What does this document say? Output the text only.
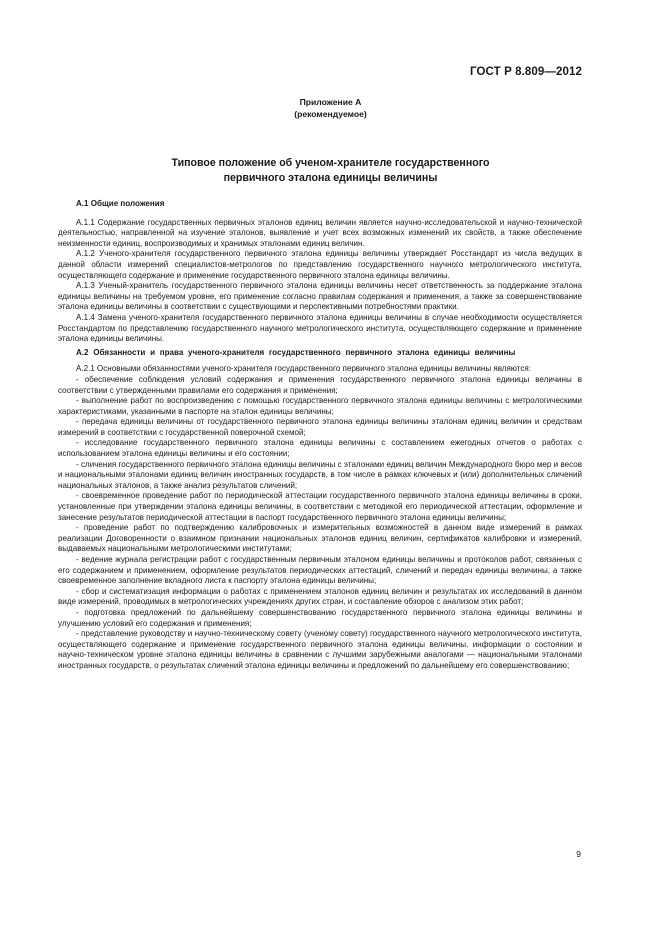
ГОСТ Р 8.809—2012
Приложение А
(рекомендуемое)
Типовое положение об ученом-хранителе государственного
первичного эталона единицы величины

А.1 Общие положения

А.1.1 Содержание государственных первичных эталонов единиц величин является научно-исследовательской и научно-технической деятельностью, направленной на изучение эталонов, выявление и учет всех возможных изменений их свойств, а также обеспечение неизменности единиц, воспроизводимых и хранимых эталонами единиц величин.

А.1.2 Ученого-хранителя государственного первичного эталона единицы величины утверждает Росстандарт из числа ведущих в данной области измерений специалистов-метрологов по представлению государственного научного метрологического института, осуществляющего содержание и применение государственного первичного эталона единицы величины.

А.1.3 Ученый-хранитель государственного первичного эталона единицы величины несет ответственность за поддержание эталона единицы величины на требуемом уровне, его применение согласно правилам содержания и применения, а также за совершенствование эталона единицы величины в соответствии с существующими и перспективными потребностями практики.

А.1.4 Замена ученого-хранителя государственного первичного эталона единицы величины в случае необходимости осуществляется Росстандартом по представлению государственного научного метрологического института, осуществляющего содержание и применение эталона единицы величины.

А.2 Обязанности и права ученого-хранителя государственного первичного эталона единицы величины

А.2.1 Основными обязанностями ученого-хранителя государственного первичного эталона единицы величины являются:

- обеспечение соблюдения условий содержания и применения государственного первичного эталона единицы величины в соответствии с утвержденными правилами его содержания и применения;

- выполнение работ по воспроизведению с помощью государственного первичного эталона единицы величины с метрологическими характеристиками, указанными в паспорте на эталон единицы величины;

- передача единицы величины от государственного первичного эталона единицы величины эталонам единиц величин и средствам измерений в соответствии с государственной поверочной схемой;

- исследование государственного первичного эталона единицы величины с составлением ежегодных отчетов о работах с использованием эталона единицы величины и его состоянии;

- сличения государственного первичного эталона единицы величины с эталонами единиц величин Международного бюро мер и весов и национальными эталонами единиц величин иностранных государств, в том числе в рамках ключевых и (или) дополнительных сличений национальных эталонов, а также анализ результатов сличений;

- своевременное проведение работ по периодической аттестации государственного первичного эталона единицы величины в сроки, установленные при утверждении эталона единицы величины, в соответствии с методикой его периодической аттестации, оформление и занесение результатов периодической аттестации в паспорт государственного первичного эталона единицы величины;

- проведение работ по подтверждению калибровочных и измерительных возможностей в данном виде измерений в рамках реализации Договоренности о взаимном признании национальных эталонов единиц величин, сертификатов калибровки и измерений, выдаваемых национальными метрологическими институтами;

- ведение журнала регистрации работ с государственным первичным эталоном единицы величины и протоколов работ, связанных с его содержанием и применением, оформление результатов периодических аттестаций, сличений и передач единицы величины, а также своевременное заполнение вкладного листа к паспорту эталона единицы величины;

- сбор и систематизация информации о работах с применением эталонов единиц величин и результатах их исследований в данном виде измерений, проводимых в метрологических учреждениях других стран, и составление обзоров с анализом этих работ;

- подготовка предложений по дальнейшему совершенствованию государственного первичного эталона единицы величины и улучшению условий его содержания и применения;

- представление руководству и научно-техническому совету (ученому совету) государственного научного метрологического института, осуществляющего содержание и применение государственного первичного эталона единицы величины, информации о состоянии и научно-техническом уровне эталона единицы величины в сравнении с лучшими зарубежными аналогами — национальными эталонами иностранных государств, о результатах сличений эталона единицы величины и предложений по дальнейшему его совершенствованию;

9
